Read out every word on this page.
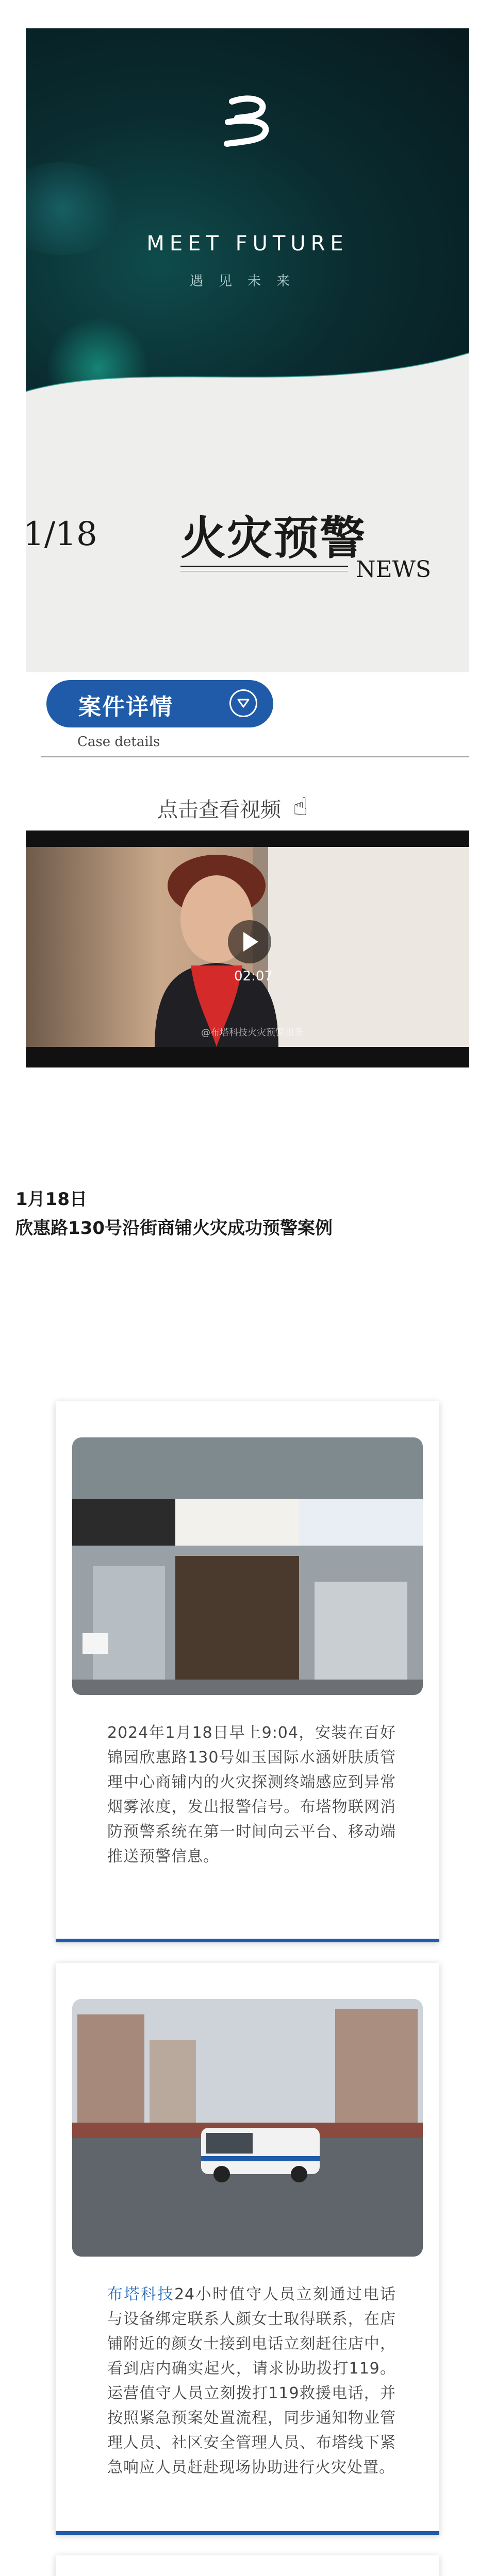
MEET FUTURE
遇见未来
1/18 火灾预警
NEWS
案件详情
Case details
点击查看视频 ☝
02:07
@布塔科技火灾预警服务
1月18日
欣惠路130号沿街商铺火灾成功预警案例
2024年1月18日早上9:04，安装在百好锦园欣惠路130号如玉国际水涵妍肤质管理中心商铺内的火灾探测终端感应到异常烟雾浓度，发出报警信号。布塔物联网消防预警系统在第一时间向云平台、移动端推送预警信息。
布塔科技24小时值守人员立刻通过电话与设备绑定联系人颜女士取得联系，在店铺附近的颜女士接到电话立刻赶往店中，看到店内确实起火，请求协助拨打119。运营值守人员立刻拨打119救援电话，并按照紧急预案处置流程，同步通知物业管理人员、社区安全管理人员、布塔线下紧急响应人员赶赴现场协助进行火灾处置。
